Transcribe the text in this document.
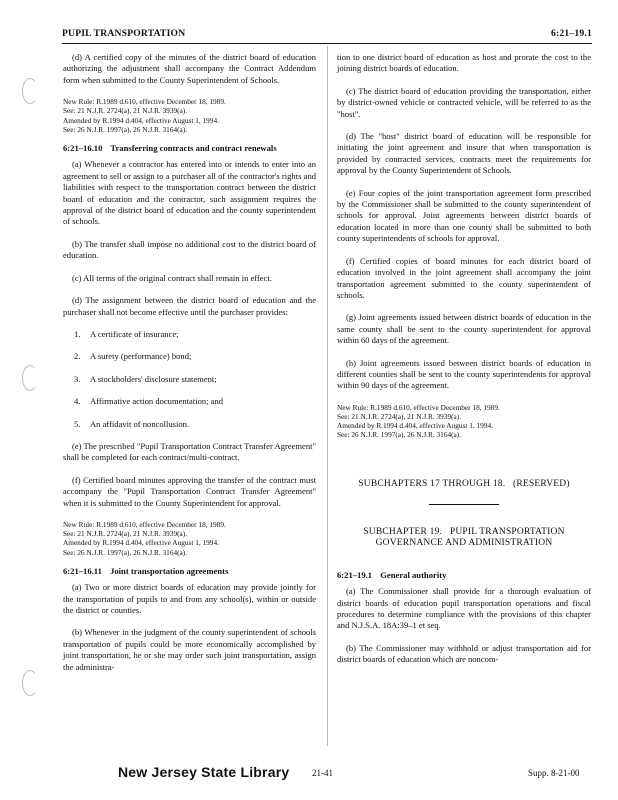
PUPIL TRANSPORTATION	6:21–19.1

(d) A certified copy of the minutes of the district board of education authorizing the adjustment shall accompany the Contract Addendum form when submitted to the County Superintendent of Schools.

New Rule: R.1989 d.610, effective December 18, 1989.
See: 21 N.J.R. 2724(a), 21 N.J.R. 3939(a).
Amended by R.1994 d.404, effective August 1, 1994.
See: 26 N.J.R. 1997(a), 26 N.J.R. 3164(a).
6:21–16.10 Transferring contracts and contract renewals

(a) Whenever a contractor has entered into or intends to enter into an agreement to sell or assign to a purchaser all of the contractor's rights and liabilities with respect to the transportation contract between the district board of education and the contractor, such assignment requires the approval of the district board of education and the county superintendent of schools.

(b) The transfer shall impose no additional cost to the district board of education.

(c) All terms of the original contract shall remain in effect.

(d) The assignment between the district board of education and the purchaser shall not become effective until the purchaser provides:

1. A certificate of insurance;
2. A surety (performance) bond;
3. A stockholders' disclosure statement;
4. Affirmative action documentation; and
5. An affidavit of noncollusion.

(e) The prescribed "Pupil Transportation Contract Transfer Agreement" shall be completed for each contract/multi-contract.

(f) Certified board minutes approving the transfer of the contract must accompany the "Pupil Transportation Contract Transfer Agreement" when it is submitted to the County Superintendent for approval.

New Rule: R.1989 d.610, effective December 18, 1989.
See: 21 N.J.R. 2724(a), 21 N.J.R. 3939(a).
Amended by R.1994 d.404, effective August 1, 1994.
See: 26 N.J.R. 1997(a), 26 N.J.R. 3164(a).
6:21–16.11 Joint transportation agreements

(a) Two or more district boards of education may provide jointly for the transportation of pupils to and from any school(s), within or outside the district or counties.

(b) Whenever in the judgment of the county superintendent of schools transportation of pupils could be more economically accomplished by joint transportation, he or she may order such joint transportation, assign the administra-

tion to one district board of education as host and prorate the cost to the joining district boards of education.

(c) The district board of education providing the transportation, either by district-owned vehicle or contracted vehicle, will be referred to as the "host".

(d) The "host" district board of education will be responsible for initiating the joint agreement and insure that when transportation is provided by contracted services, contracts meet the requirements for approval by the County Superintendent of Schools.

(e) Four copies of the joint transportation agreement form prescribed by the Commissioner shall be submitted to the county superintendent of schools for approval. Joint agreements between district boards of education located in more than one county shall be submitted to both county superintendents of schools for approval.

(f) Certified copies of board minutes for each district board of education involved in the joint agreement shall accompany the joint transportation agreement submitted to the county superintendent of schools.

(g) Joint agreements issued between district boards of education in the same county shall be sent to the county superintendent for approval within 60 days of the agreement.

(h) Joint agreements issued between district boards of education in different counties shall be sent to the county superintendents for approval within 90 days of the agreement.

New Rule: R.1989 d.610, effective December 18, 1989.
See: 21 N.J.R. 2724(a), 21 N.J.R. 3939(a).
Amended by R.1994 d.404, effective August 1, 1994.
See: 26 N.J.R. 1997(a), 26 N.J.R. 3164(a).
SUBCHAPTERS 17 THROUGH 18.   (RESERVED)
SUBCHAPTER 19.   PUPIL TRANSPORTATION
GOVERNANCE AND ADMINISTRATION
6:21–19.1 General authority

(a) The Commissioner shall provide for a thorough evaluation of district boards of education pupil transportation operations and fiscal procedures to determine compliance with the provisions of this chapter and N.J.S.A. 18A:39–1 et seq.

(b) The Commissioner may withhold or adjust transportation aid for district boards of education which are noncom-

New Jersey State Library	21-41	Supp. 8-21-00
